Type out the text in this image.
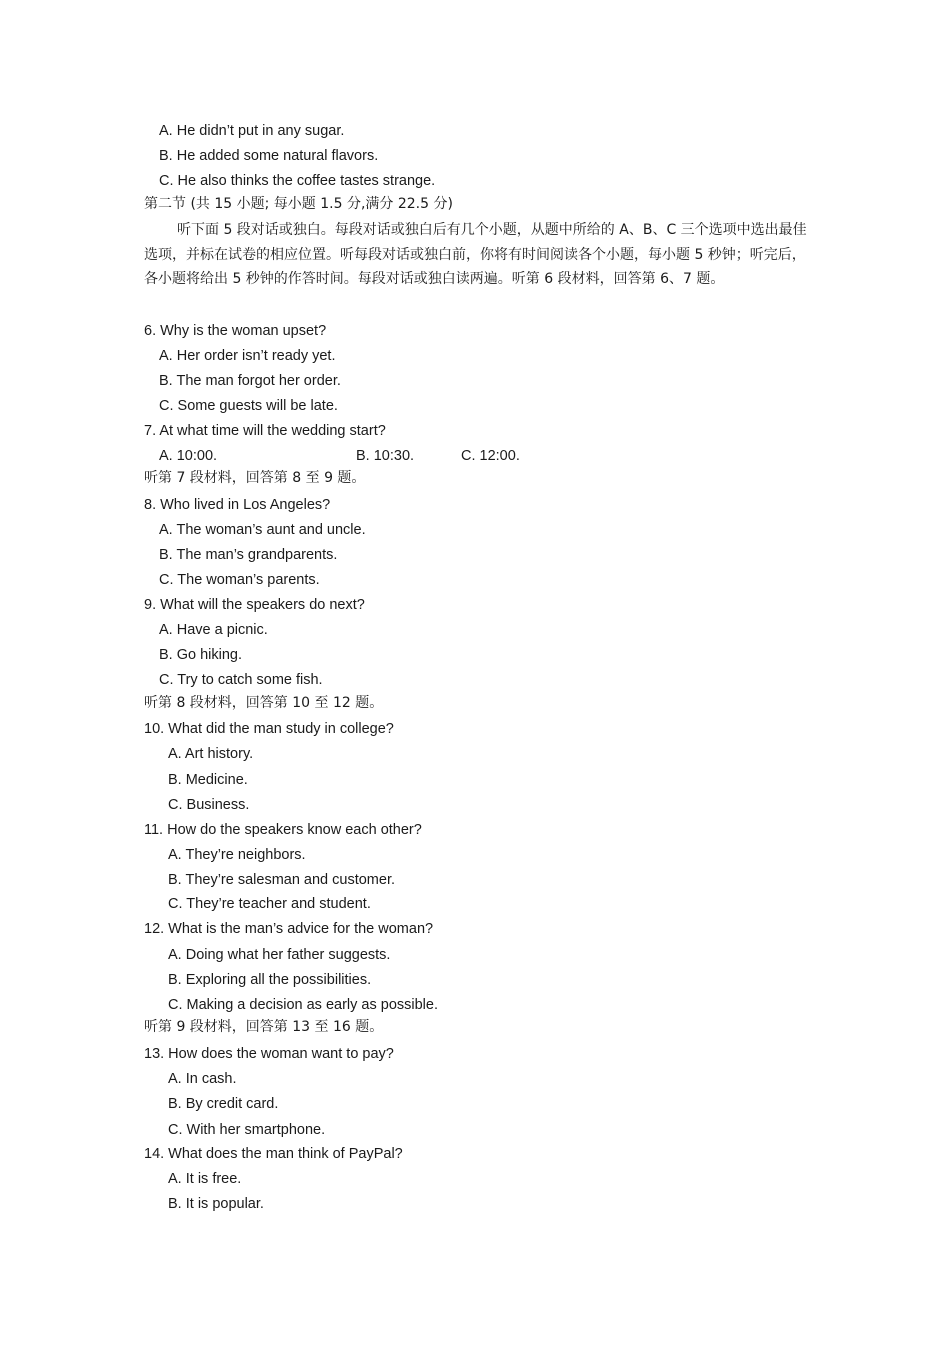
A. He didn’t put in any sugar.
B. He added some natural flavors.
C. He also thinks the coffee tastes strange.
第二节 (共 15 小题; 每小题 1.5 分,满分 22.5 分)
听下面 5 段对话或独白。每段对话或独白后有几个小题，从题中所给的 A、B、C 三个选项中选出最佳选项，并标在试卷的相应位置。听每段对话或独白前，你将有时间阅读各个小题，每小题 5 秒钟；听完后，各小题将给出 5 秒钟的作答时间。每段对话或独白读两遍。听第 6 段材料，回答第 6、7 题。
6. Why is the woman upset?
A. Her order isn’t ready yet.
B. The man forgot her order.
C. Some guests will be late.
7. At what time will the wedding start?
A. 10:00.	B. 10:30.	C. 12:00.
听第 7 段材料，回答第 8 至 9 题。
8. Who lived in Los Angeles?
A. The woman’s aunt and uncle.
B. The man’s grandparents.
C. The woman’s parents.
9. What will the speakers do next?
A. Have a picnic.
B. Go hiking.
C. Try to catch some fish.
听第 8 段材料，回答第 10 至 12 题。
10. What did the man study in college?
A. Art history.
B. Medicine.
C. Business.
11. How do the speakers know each other?
A. They’re neighbors.
B. They’re salesman and customer.
C. They’re teacher and student.
12. What is the man’s advice for the woman?
A. Doing what her father suggests.
B. Exploring all the possibilities.
C. Making a decision as early as possible.
听第 9 段材料，回答第 13 至 16 题。
13. How does the woman want to pay?
A. In cash.
B. By credit card.
C. With her smartphone.
14. What does the man think of PayPal?
A. It is free.
B. It is popular.
